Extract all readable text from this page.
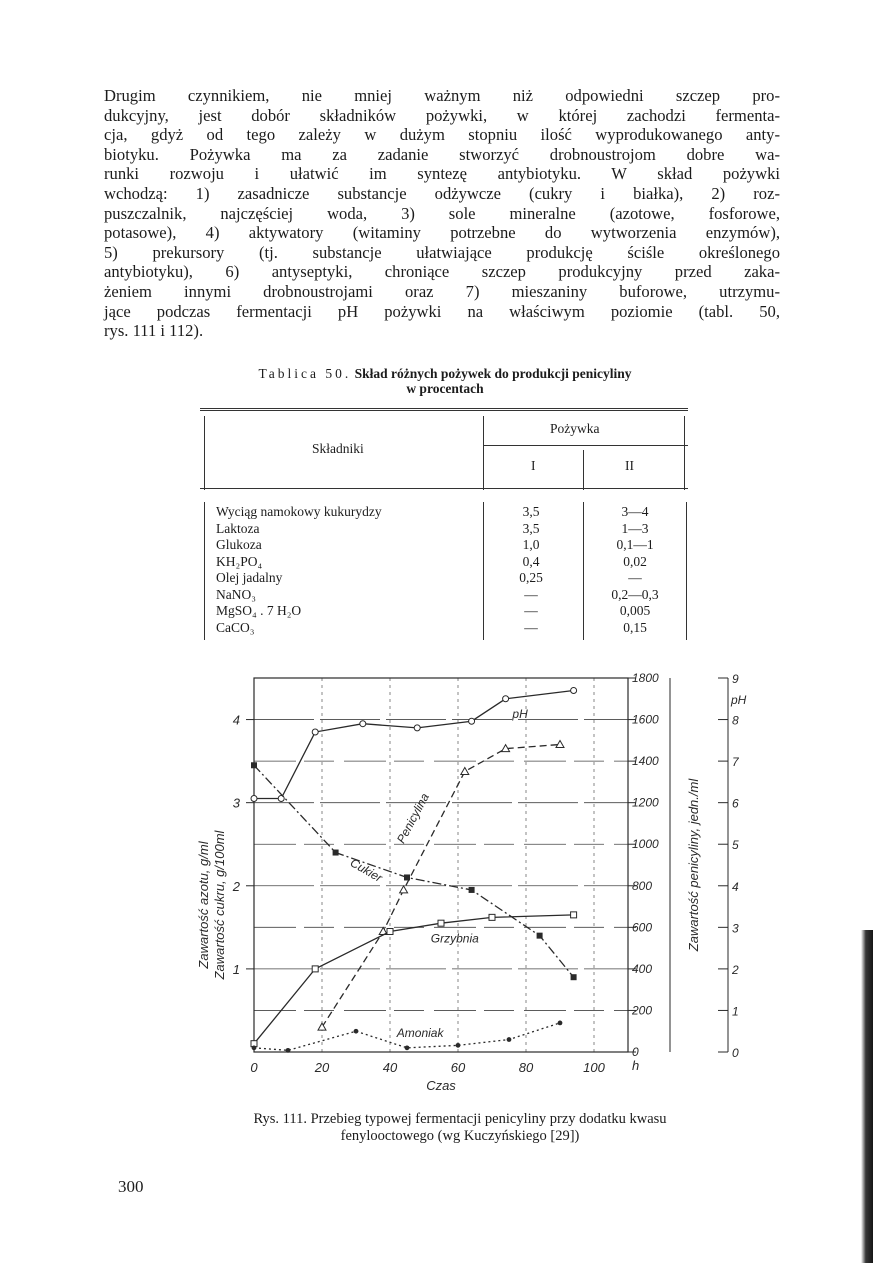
Drugim czynnikiem, nie mniej ważnym niż odpowiedni szczep pro-
dukcyjny, jest dobór składników pożywki, w której zachodzi fermenta-
cja, gdyż od tego zależy w dużym stopniu ilość wyprodukowanego anty-
biotyku. Pożywka ma za zadanie stworzyć drobnoustrojom dobre wa-
runki rozwoju i ułatwić im syntezę antybiotyku. W skład pożywki
wchodzą: 1) zasadnicze substancje odżywcze (cukry i białka), 2) roz-
puszczalnik, najczęściej woda, 3) sole mineralne (azotowe, fosforowe,
potasowe), 4) aktywatory (witaminy potrzebne do wytworzenia enzymów),
5) prekursory (tj. substancje ułatwiające produkcję ściśle określonego
antybiotyku), 6) antyseptyki, chroniące szczep produkcyjny przed zaka-
żeniem innymi drobnoustrojami oraz 7) mieszaniny buforowe, utrzymu-
jące podczas fermentacji pH pożywki na właściwym poziomie (tabl. 50,
rys. 111 i 112).

Tablica 50. Skład różnych pożywek do produkcji penicyliny
w procentach
Składniki
Pożywka
I	II
Wyciąg namokowy kukurydzy	3,5	3—4
Laktoza	3,5	1—3
Glukoza	1,0	0,1—1
KH₂PO₄	0,4	0,02
Olej jadalny	0,25	—
NaNO₃	—	0,2—0,3
MgSO₄ . 7 H₂O	—	0,005
CaCO₃	—	0,15
0	20	40	60	80	100 h
Czas
1
2
3
4
Zawartość azotu, g/ml Zawartość cukru, g/100ml
0
200
400
600
800
1000
1200
1400
1600
1800
Zawartość penicyliny, jedn./ml
0
1
2
3
4
5
6
7
8
9
pH
pH
Penicylina
Cukier
Grzybnia
Amoniak
Rys. 111. Przebieg typowej fermentacji penicyliny przy dodatku kwasu
fenylooctowego (wg Kuczyńskiego [29])
300
